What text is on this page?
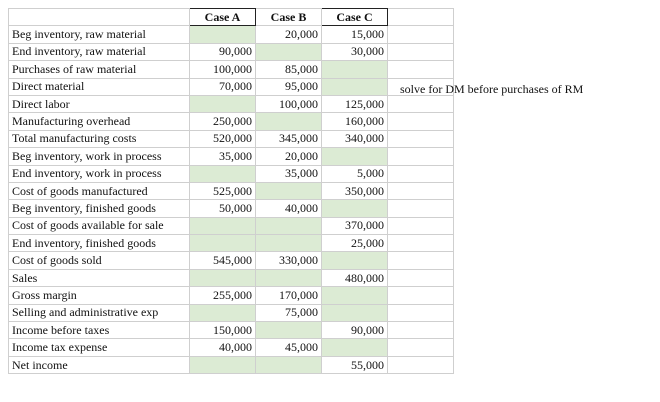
	Case A	Case B	Case C	
Beg inventory, raw material		20,000	15,000	
End inventory, raw material	90,000		30,000	
Purchases of raw material	100,000	85,000		
Direct material	70,000	95,000		
Direct labor		100,000	125,000	
Manufacturing overhead	250,000		160,000	
Total manufacturing costs	520,000	345,000	340,000	
Beg inventory, work in process	35,000	20,000		
End inventory, work in process		35,000	5,000	
Cost of goods manufactured	525,000		350,000	
Beg inventory, finished goods	50,000	40,000		
Cost of goods available for sale			370,000	
End inventory, finished goods			25,000	
Cost of goods sold	545,000	330,000		
Sales			480,000	
Gross margin	255,000	170,000		
Selling and administrative exp		75,000		
Income before taxes	150,000		90,000	
Income tax expense	40,000	45,000		
Net income			55,000	
solve for DM before purchases of RM
